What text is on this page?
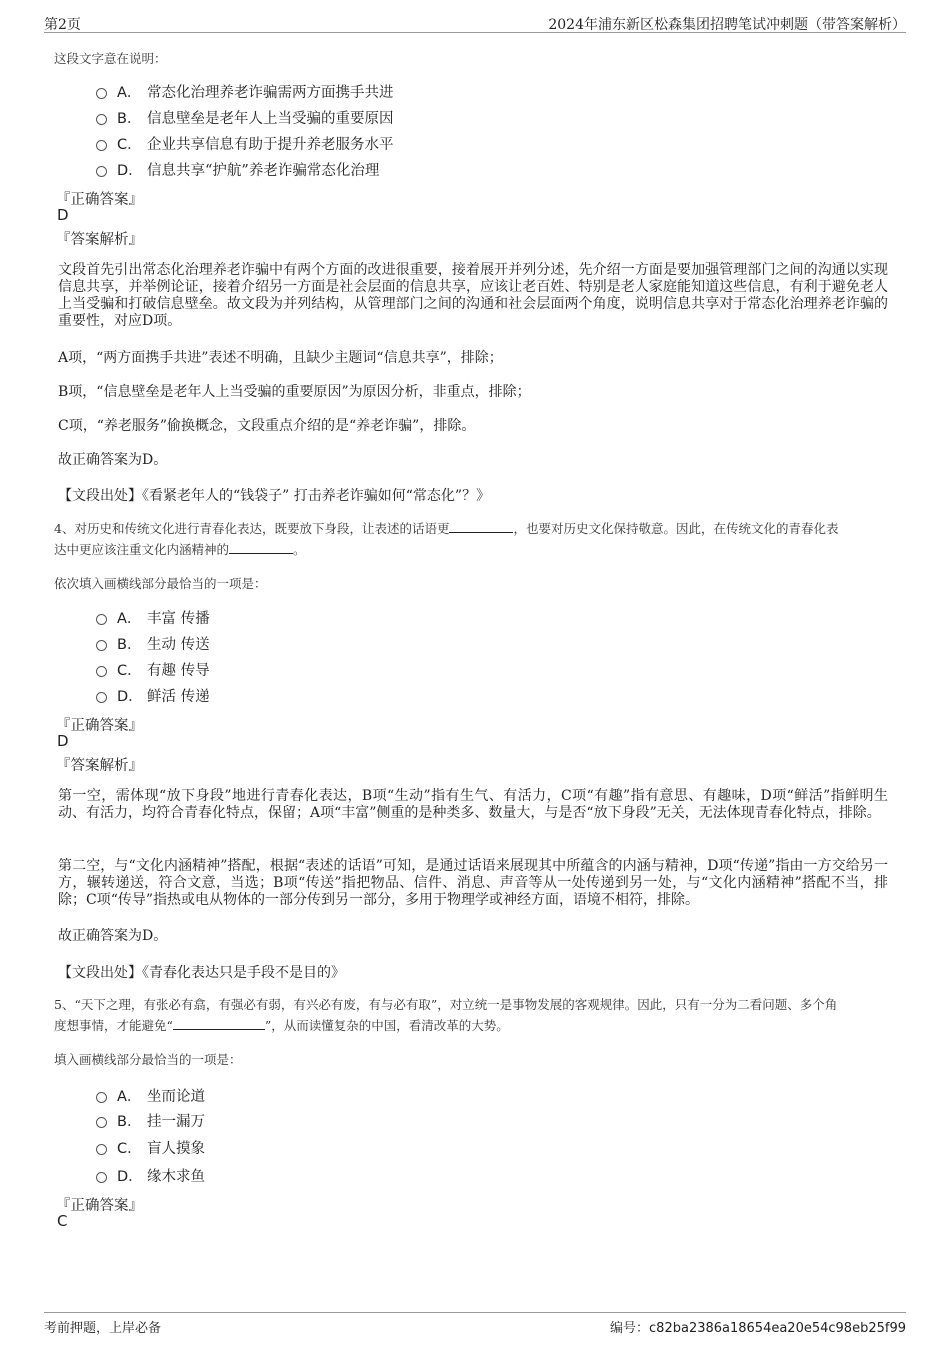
第2页	2024年浦东新区松森集团招聘笔试冲刺题（带答案解析）
这段文字意在说明：
A． 常态化治理养老诈骗需两方面携手共进
B． 信息壁垒是老年人上当受骗的重要原因
C． 企业共享信息有助于提升养老服务水平
D． 信息共享“护航”养老诈骗常态化治理
『正确答案』
D
『答案解析』
文段首先引出常态化治理养老诈骗中有两个方面的改进很重要，接着展开并列分述，先介绍一方面是要加强管理部门之间的沟通以实现信息共享，并举例论证，接着介绍另一方面是社会层面的信息共享，应该让老百姓、特别是老人家庭能知道这些信息，有利于避免老人上当受骗和打破信息壁垒。故文段为并列结构，从管理部门之间的沟通和社会层面两个角度，说明信息共享对于常态化治理养老诈骗的重要性，对应D项。
A项，“两方面携手共进”表述不明确，且缺少主题词“信息共享”，排除；
B项，“信息壁垒是老年人上当受骗的重要原因”为原因分析，非重点，排除；
C项，“养老服务”偷换概念，文段重点介绍的是“养老诈骗”，排除。
故正确答案为D。
【文段出处】《看紧老年人的“钱袋子” 打击养老诈骗如何“常态化”？》
4、对历史和传统文化进行青春化表达，既要放下身段，让表述的话语更	，也要对历史文化保持敬意。因此，在传统文化的青春化表
达中更应该注重文化内涵精神的	。
依次填入画横线部分最恰当的一项是：
A． 丰富 传播
B． 生动 传送
C． 有趣 传导
D． 鲜活 传递
『正确答案』
D
『答案解析』
第一空，需体现“放下身段”地进行青春化表达，B项“生动”指有生气、有活力，C项“有趣”指有意思、有趣味，D项“鲜活”指鲜明生动、有活力，均符合青春化特点，保留；A项“丰富”侧重的是种类多、数量大，与是否“放下身段”无关，无法体现青春化特点，排除。
第二空，与“文化内涵精神”搭配，根据“表述的话语”可知，是通过话语来展现其中所蕴含的内涵与精神，D项“传递”指由一方交给另一方，辗转递送，符合文意，当选；B项“传送”指把物品、信件、消息、声音等从一处传递到另一处，与“文化内涵精神”搭配不当，排除；C项“传导”指热或电从物体的一部分传到另一部分，多用于物理学或神经方面，语境不相符，排除。
故正确答案为D。
【文段出处】《青春化表达只是手段不是目的》
5、“天下之理，有张必有翕，有强必有弱，有兴必有废，有与必有取”，对立统一是事物发展的客观规律。因此，只有一分为二看问题、多个角
度想事情，才能避免“	”，从而读懂复杂的中国，看清改革的大势。
填入画横线部分最恰当的一项是：
A． 坐而论道
B． 挂一漏万
C． 盲人摸象
D． 缘木求鱼
『正确答案』
C
考前押题，上岸必备	编号：c82ba2386a18654ea20e54c98eb25f99
